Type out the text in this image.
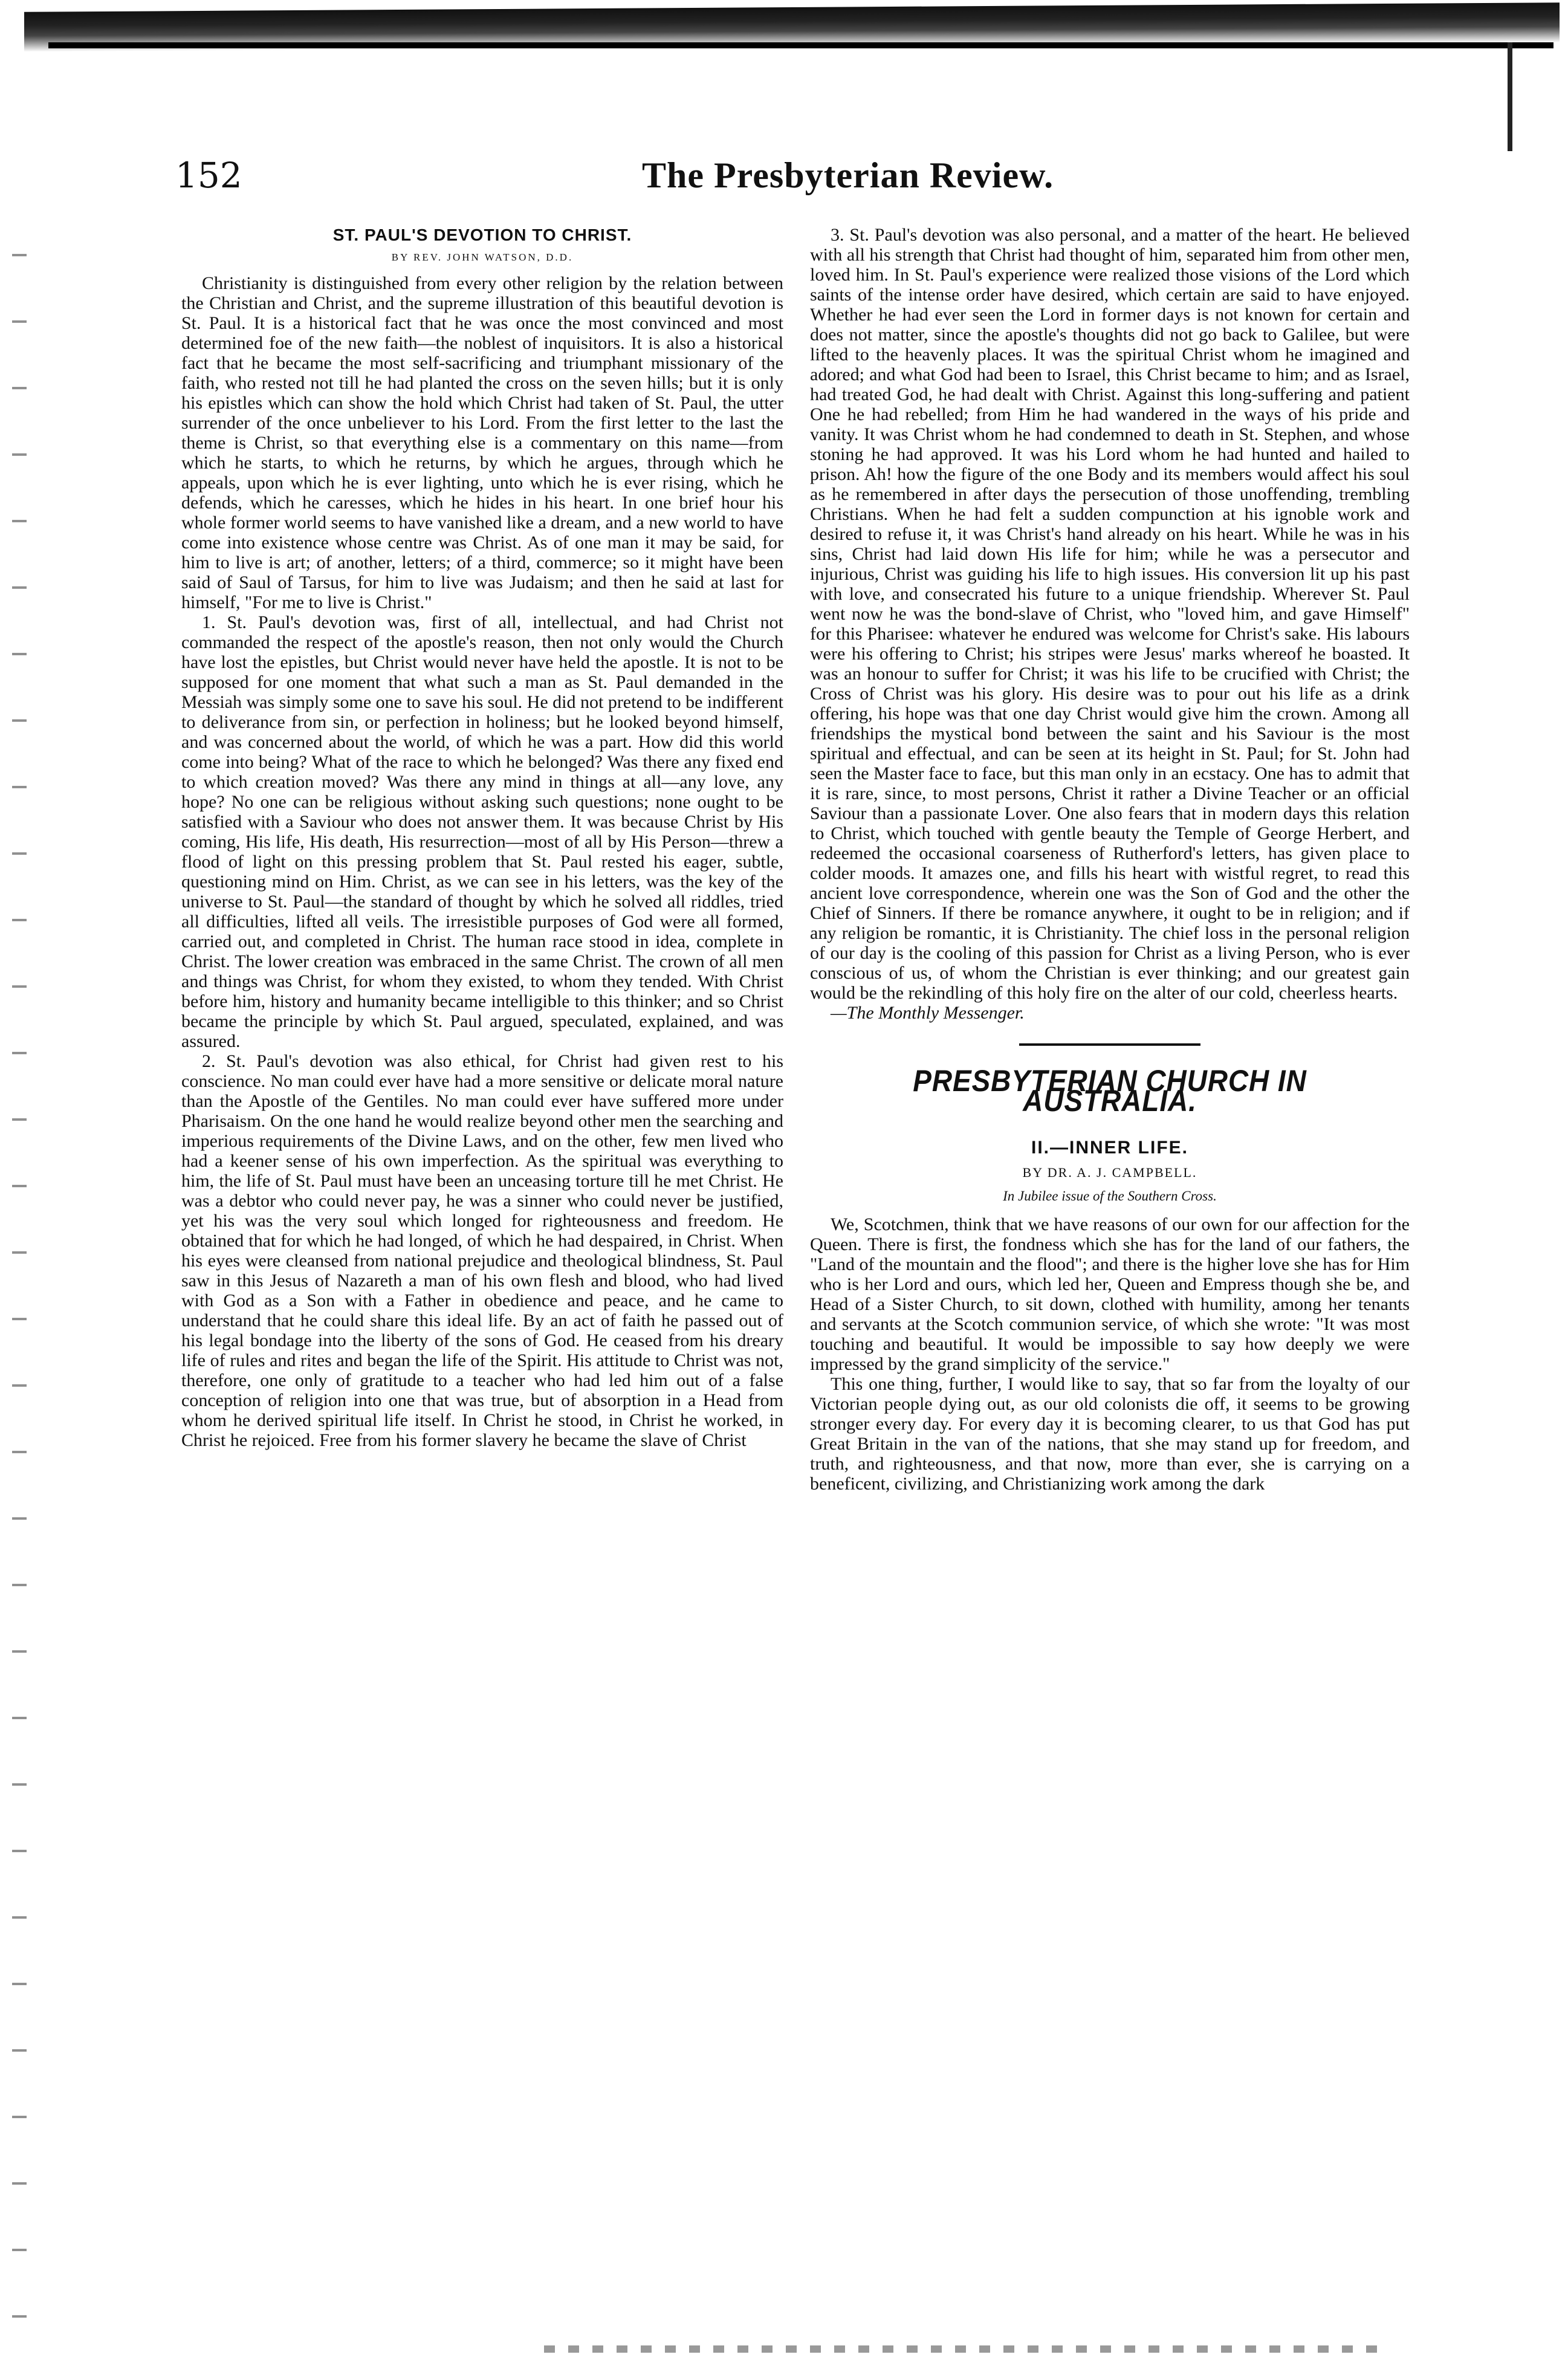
152	The Presbyterian Review.
ST. PAUL'S DEVOTION TO CHRIST.
BY REV. JOHN WATSON, D.D.

Christianity is distinguished from every other religion by the relation between the Christian and Christ, and the supreme illustration of this beautiful devotion is St. Paul. It is a historical fact that he was once the most convinced and most determined foe of the new faith—the noblest of inquisitors. It is also a historical fact that he became the most self-sacrificing and triumphant missionary of the faith, who rested not till he had planted the cross on the seven hills; but it is only his epistles which can show the hold which Christ had taken of St. Paul, the utter surrender of the once unbeliever to his Lord. From the first letter to the last the theme is Christ, so that everything else is a commentary on this name—from which he starts, to which he returns, by which he argues, through which he appeals, upon which he is ever lighting, unto which he is ever rising, which he defends, which he caresses, which he hides in his heart. In one brief hour his whole former world seems to have vanished like a dream, and a new world to have come into existence whose centre was Christ. As of one man it may be said, for him to live is art; of another, letters; of a third, commerce; so it might have been said of Saul of Tarsus, for him to live was Judaism; and then he said at last for himself, "For me to live is Christ."

1. St. Paul's devotion was, first of all, intellectual, and had Christ not commanded the respect of the apostle's reason, then not only would the Church have lost the epistles, but Christ would never have held the apostle. It is not to be supposed for one moment that what such a man as St. Paul demanded in the Messiah was simply some one to save his soul. He did not pretend to be indifferent to deliverance from sin, or perfection in holiness; but he looked beyond himself, and was concerned about the world, of which he was a part. How did this world come into being? What of the race to which he belonged? Was there any fixed end to which creation moved? Was there any mind in things at all—any love, any hope? No one can be religious without asking such questions; none ought to be satisfied with a Saviour who does not answer them. It was because Christ by His coming, His life, His death, His resurrection—most of all by His Person—threw a flood of light on this pressing problem that St. Paul rested his eager, subtle, questioning mind on Him. Christ, as we can see in his letters, was the key of the universe to St. Paul—the standard of thought by which he solved all riddles, tried all difficulties, lifted all veils. The irresistible purposes of God were all formed, carried out, and completed in Christ. The human race stood in idea, complete in Christ. The lower creation was embraced in the same Christ. The crown of all men and things was Christ, for whom they existed, to whom they tended. With Christ before him, history and humanity became intelligible to this thinker; and so Christ became the principle by which St. Paul argued, speculated, explained, and was assured.

2. St. Paul's devotion was also ethical, for Christ had given rest to his conscience. No man could ever have had a more sensitive or delicate moral nature than the Apostle of the Gentiles. No man could ever have suffered more under Pharisaism. On the one hand he would realize beyond other men the searching and imperious requirements of the Divine Laws, and on the other, few men lived who had a keener sense of his own imperfection. As the spiritual was everything to him, the life of St. Paul must have been an unceasing torture till he met Christ. He was a debtor who could never pay, he was a sinner who could never be justified, yet his was the very soul which longed for righteousness and freedom. He obtained that for which he had longed, of which he had despaired, in Christ. When his eyes were cleansed from national prejudice and theological blindness, St. Paul saw in this Jesus of Nazareth a man of his own flesh and blood, who had lived with God as a Son with a Father in obedience and peace, and he came to understand that he could share this ideal life. By an act of faith he passed out of his legal bondage into the liberty of the sons of God. He ceased from his dreary life of rules and rites and began the life of the Spirit. His attitude to Christ was not, therefore, one only of gratitude to a teacher who had led him out of a false conception of religion into one that was true, but of absorption in a Head from whom he derived spiritual life itself. In Christ he stood, in Christ he worked, in Christ he rejoiced. Free from his former slavery he became the slave of Christ

3. St. Paul's devotion was also personal, and a matter of the heart. He believed with all his strength that Christ had thought of him, separated him from other men, loved him. In St. Paul's experience were realized those visions of the Lord which saints of the intense order have desired, which certain are said to have enjoyed. Whether he had ever seen the Lord in former days is not known for certain and does not matter, since the apostle's thoughts did not go back to Galilee, but were lifted to the heavenly places. It was the spiritual Christ whom he imagined and adored; and what God had been to Israel, this Christ became to him; and as Israel, had treated God, he had dealt with Christ. Against this long-suffering and patient One he had rebelled; from Him he had wandered in the ways of his pride and vanity. It was Christ whom he had condemned to death in St. Stephen, and whose stoning he had approved. It was his Lord whom he had hunted and hailed to prison. Ah! how the figure of the one Body and its members would affect his soul as he remembered in after days the persecution of those unoffending, trembling Christians. When he had felt a sudden compunction at his ignoble work and desired to refuse it, it was Christ's hand already on his heart. While he was in his sins, Christ had laid down His life for him; while he was a persecutor and injurious, Christ was guiding his life to high issues. His conversion lit up his past with love, and consecrated his future to a unique friendship. Wherever St. Paul went now he was the bond-slave of Christ, who "loved him, and gave Himself" for this Pharisee: whatever he endured was welcome for Christ's sake. His labours were his offering to Christ; his stripes were Jesus' marks whereof he boasted. It was an honour to suffer for Christ; it was his life to be crucified with Christ; the Cross of Christ was his glory. His desire was to pour out his life as a drink offering, his hope was that one day Christ would give him the crown. Among all friendships the mystical bond between the saint and his Saviour is the most spiritual and effectual, and can be seen at its height in St. Paul; for St. John had seen the Master face to face, but this man only in an ecstacy. One has to admit that it is rare, since, to most persons, Christ it rather a Divine Teacher or an official Saviour than a passionate Lover. One also fears that in modern days this relation to Christ, which touched with gentle beauty the Temple of George Herbert, and redeemed the occasional coarseness of Rutherford's letters, has given place to colder moods. It amazes one, and fills his heart with wistful regret, to read this ancient love correspondence, wherein one was the Son of God and the other the Chief of Sinners. If there be romance anywhere, it ought to be in religion; and if any religion be romantic, it is Christianity. The chief loss in the personal religion of our day is the cooling of this passion for Christ as a living Person, who is ever conscious of us, of whom the Christian is ever thinking; and our greatest gain would be the rekindling of this holy fire on the alter of our cold, cheerless hearts.

—The Monthly Messenger.

PRESBYTERIAN CHURCH IN AUSTRALIA.
II.—INNER LIFE.
BY DR. A. J. CAMPBELL.
In Jubilee issue of the Southern Cross.

We, Scotchmen, think that we have reasons of our own for our affection for the Queen. There is first, the fondness which she has for the land of our fathers, the "Land of the mountain and the flood"; and there is the higher love she has for Him who is her Lord and ours, which led her, Queen and Empress though she be, and Head of a Sister Church, to sit down, clothed with humility, among her tenants and servants at the Scotch communion service, of which she wrote: "It was most touching and beautiful. It would be impossible to say how deeply we were impressed by the grand simplicity of the service."

This one thing, further, I would like to say, that so far from the loyalty of our Victorian people dying out, as our old colonists die off, it seems to be growing stronger every day. For every day it is becoming clearer, to us that God has put Great Britain in the van of the nations, that she may stand up for freedom, and truth, and righteousness, and that now, more than ever, she is carrying on a beneficent, civilizing, and Christianizing work among the dark
